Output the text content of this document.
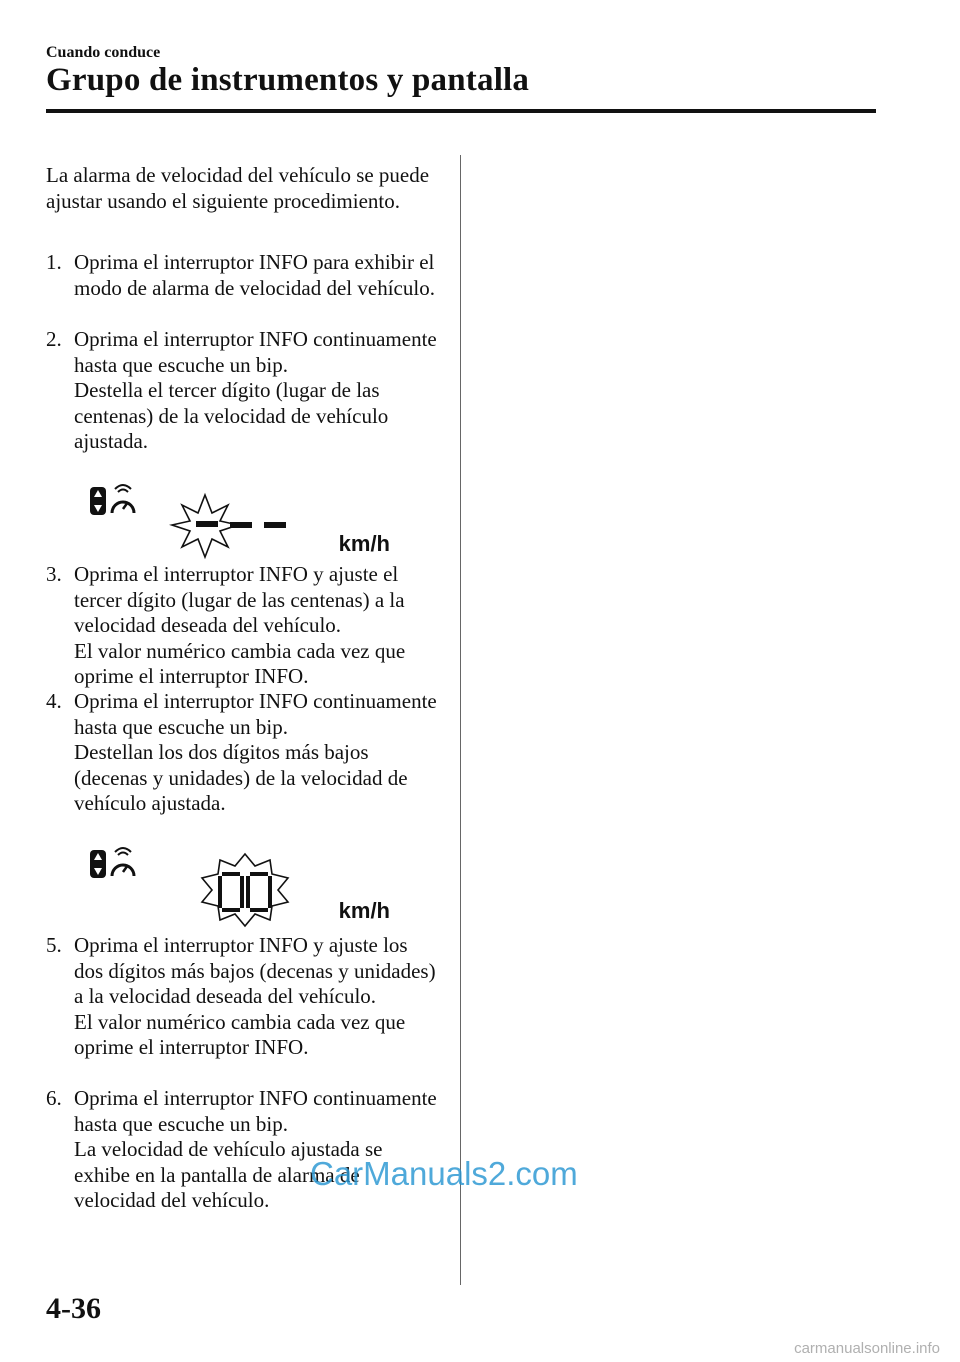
Cuando conduce
Grupo de instrumentos y pantalla
La alarma de velocidad del vehículo se puede ajustar usando el siguiente procedimiento.
1. Oprima el interruptor INFO para exhibir el modo de alarma de velocidad del vehículo.

2. Oprima el interruptor INFO continuamente hasta que escuche un bip.

Destella el tercer dígito (lugar de las centenas) de la velocidad de vehículo ajustada.

km/h
3. Oprima el interruptor INFO y ajuste el tercer dígito (lugar de las centenas) a la velocidad deseada del vehículo.

El valor numérico cambia cada vez que oprime el interruptor INFO.

4. Oprima el interruptor INFO continuamente hasta que escuche un bip.

Destellan los dos dígitos más bajos (decenas y unidades) de la velocidad de vehículo ajustada.

km/h
5. Oprima el interruptor INFO y ajuste los dos dígitos más bajos (decenas y unidades) a la velocidad deseada del vehículo.

El valor numérico cambia cada vez que oprime el interruptor INFO.

6. Oprima el interruptor INFO continuamente hasta que escuche un bip.

La velocidad de vehículo ajustada se exhibe en la pantalla de alarma de velocidad del vehículo.

CarManuals2.com
4-36
carmanualsonline.info
